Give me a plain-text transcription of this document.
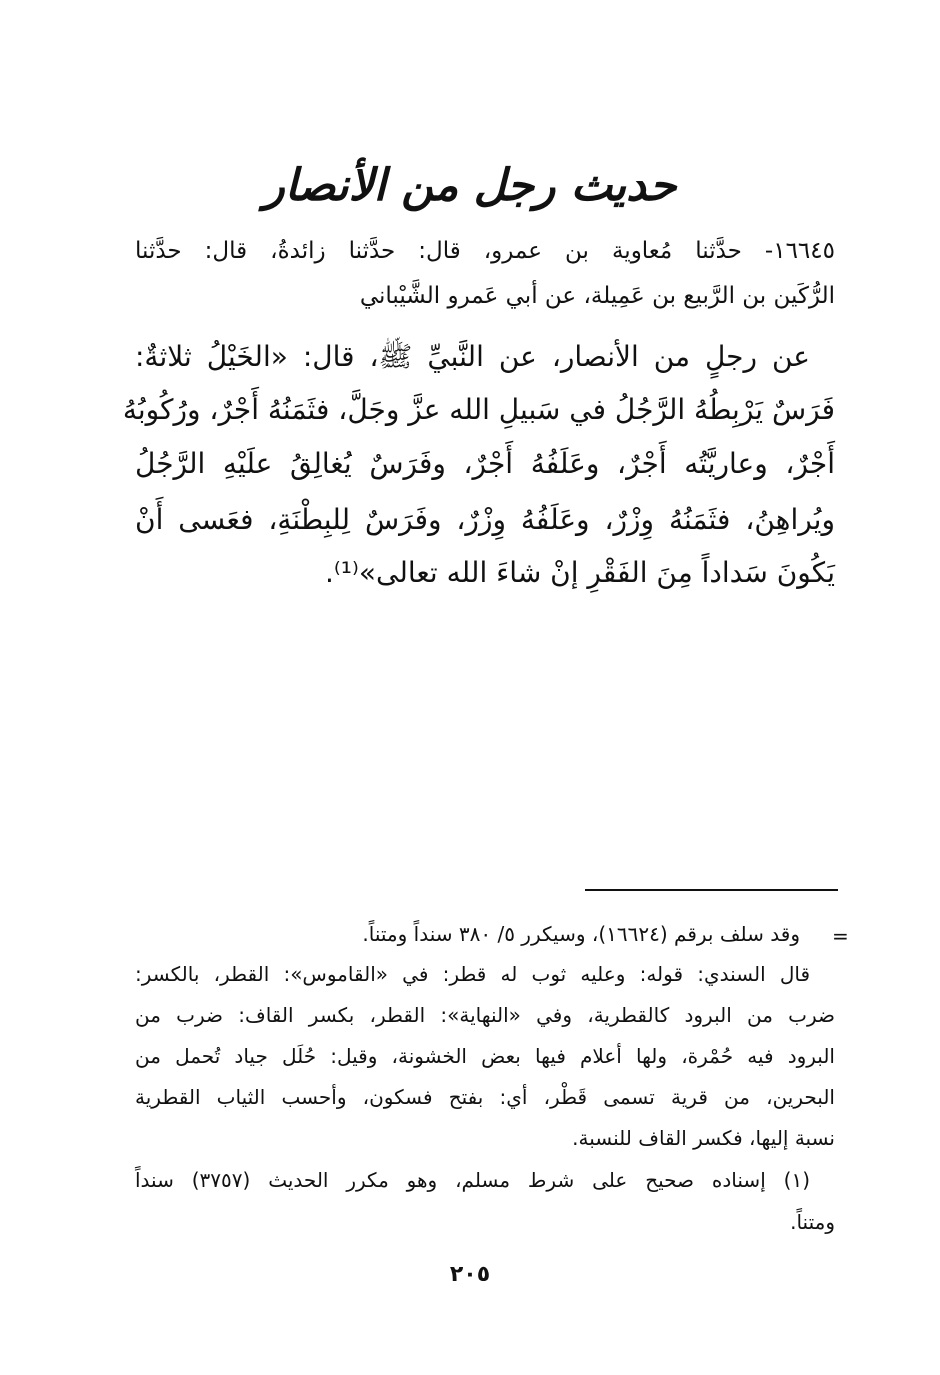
حديث رجل من الأنصار
١٦٦٤٥- حدَّثنا مُعاوية بن عمرو، قال: حدَّثنا زائدةُ، قال: حدَّثنا
الرُّكَين بن الرَّبيع بن عَمِيلة، عن أبي عَمرو الشَّيْباني
عن رجلٍ من الأنصار، عن النَّبيِّ ﷺ، قال: «الخَيْلُ ثلاثةٌ:
فَرَسٌ يَرْبِطُهُ الرَّجُلُ في سَبيلِ الله عزَّ وجَلَّ، فثَمَنُهُ أَجْرٌ، ورُكُوبُهُ
أَجْرٌ، وعاريَّتُه أَجْرٌ، وعَلَفُهُ أَجْرٌ، وفَرَسٌ يُغالِقُ علَيْهِ الرَّجُلُ
ويُراهِنُ، فثَمَنُهُ وِزْرٌ، وعَلَفُهُ وِزْرٌ، وفَرَسٌ لِلبِطْنَةِ، فعَسى أَنْ
يَكُونَ سَداداً مِنَ الفَقْرِ إنْ شاءَ الله تعالى»⁽¹⁾.
=
وقد سلف برقم (١٦٦٢٤)، وسيكرر ٥/ ٣٨٠ سنداً ومتناً.
قال السندي: قوله: وعليه ثوب له قطر: في «القاموس»: القطر، بالكسر:
ضرب من البرود كالقطرية، وفي «النهاية»: القطر، بكسر القاف: ضرب من
البرود فيه حُمْرة، ولها أعلام فيها بعض الخشونة، وقيل: حُلَل جياد تُحمل من
البحرين، من قرية تسمى قَطْر، أي: بفتح فسكون، وأحسب الثياب القطرية
نسبة إليها، فكسر القاف للنسبة.
(١) إسناده صحيح على شرط مسلم، وهو مكرر الحديث (٣٧٥٧) سنداً
ومتناً.
٢٠٥
